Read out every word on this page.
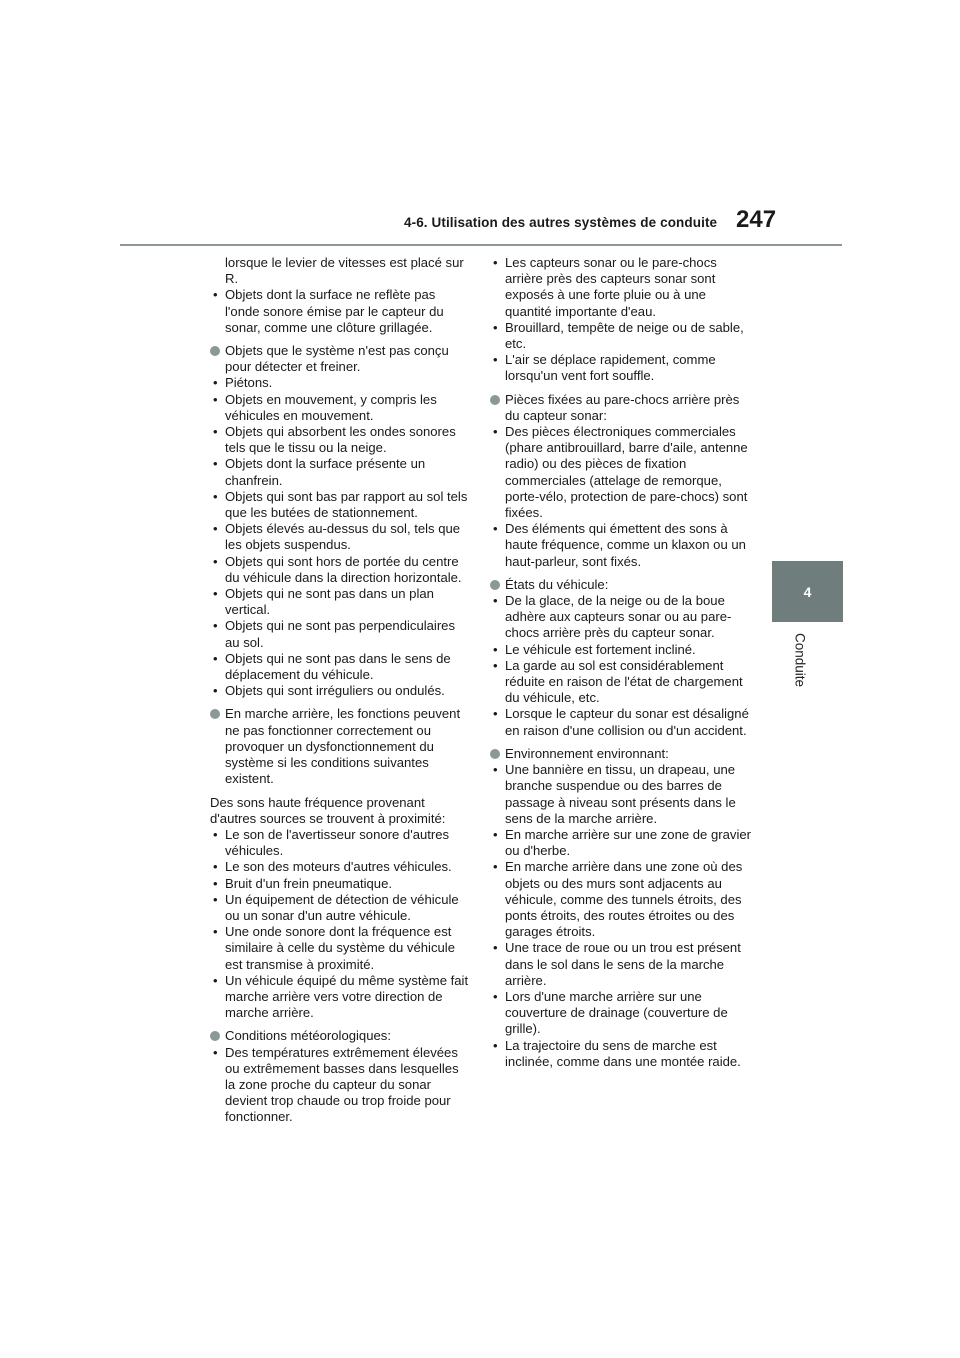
4-6. Utilisation des autres systèmes de conduite 247
4
Conduite

lorsque le levier de vitesses est placé sur R.

• Objets dont la surface ne reflète pas l'onde sonore émise par le capteur du sonar, comme une clôture grillagée.

Objets que le système n'est pas conçu pour détecter et freiner.

• Piétons.
• Objets en mouvement, y compris les véhicules en mouvement.
• Objets qui absorbent les ondes sonores tels que le tissu ou la neige.
• Objets dont la surface présente un chanfrein.
• Objets qui sont bas par rapport au sol tels que les butées de stationnement.
• Objets élevés au-dessus du sol, tels que les objets suspendus.
• Objets qui sont hors de portée du centre du véhicule dans la direction horizontale.
• Objets qui ne sont pas dans un plan vertical.
• Objets qui ne sont pas perpendiculaires au sol.
• Objets qui ne sont pas dans le sens de déplacement du véhicule.
• Objets qui sont irréguliers ou ondulés.

En marche arrière, les fonctions peuvent ne pas fonctionner correctement ou provoquer un dysfonctionnement du système si les conditions suivantes existent.

Des sons haute fréquence provenant d'autres sources se trouvent à proximité:

• Le son de l'avertisseur sonore d'autres véhicules.
• Le son des moteurs d'autres véhicules.
• Bruit d'un frein pneumatique.
• Un équipement de détection de véhicule ou un sonar d'un autre véhicule.
• Une onde sonore dont la fréquence est similaire à celle du système du véhicule est transmise à proximité.
• Un véhicule équipé du même système fait marche arrière vers votre direction de marche arrière.

Conditions météorologiques:

• Des températures extrêmement élevées ou extrêmement basses dans lesquelles la zone proche du capteur du sonar devient trop chaude ou trop froide pour fonctionner.
• Les capteurs sonar ou le pare-chocs arrière près des capteurs sonar sont exposés à une forte pluie ou à une quantité importante d'eau.
• Brouillard, tempête de neige ou de sable, etc.
• L'air se déplace rapidement, comme lorsqu'un vent fort souffle.

Pièces fixées au pare-chocs arrière près du capteur sonar:

• Des pièces électroniques commerciales (phare antibrouillard, barre d'aile, antenne radio) ou des pièces de fixation commerciales (attelage de remorque, porte-vélo, protection de pare-chocs) sont fixées.
• Des éléments qui émettent des sons à haute fréquence, comme un klaxon ou un haut-parleur, sont fixés.

États du véhicule:

• De la glace, de la neige ou de la boue adhère aux capteurs sonar ou au pare-chocs arrière près du capteur sonar.
• Le véhicule est fortement incliné.
• La garde au sol est considérablement réduite en raison de l'état de chargement du véhicule, etc.
• Lorsque le capteur du sonar est désaligné en raison d'une collision ou d'un accident.

Environnement environnant:

• Une bannière en tissu, un drapeau, une branche suspendue ou des barres de passage à niveau sont présents dans le sens de la marche arrière.
• En marche arrière sur une zone de gravier ou d'herbe.
• En marche arrière dans une zone où des objets ou des murs sont adjacents au véhicule, comme des tunnels étroits, des ponts étroits, des routes étroites ou des garages étroits.
• Une trace de roue ou un trou est présent dans le sol dans le sens de la marche arrière.
• Lors d'une marche arrière sur une couverture de drainage (couverture de grille).
• La trajectoire du sens de marche est inclinée, comme dans une montée raide.
